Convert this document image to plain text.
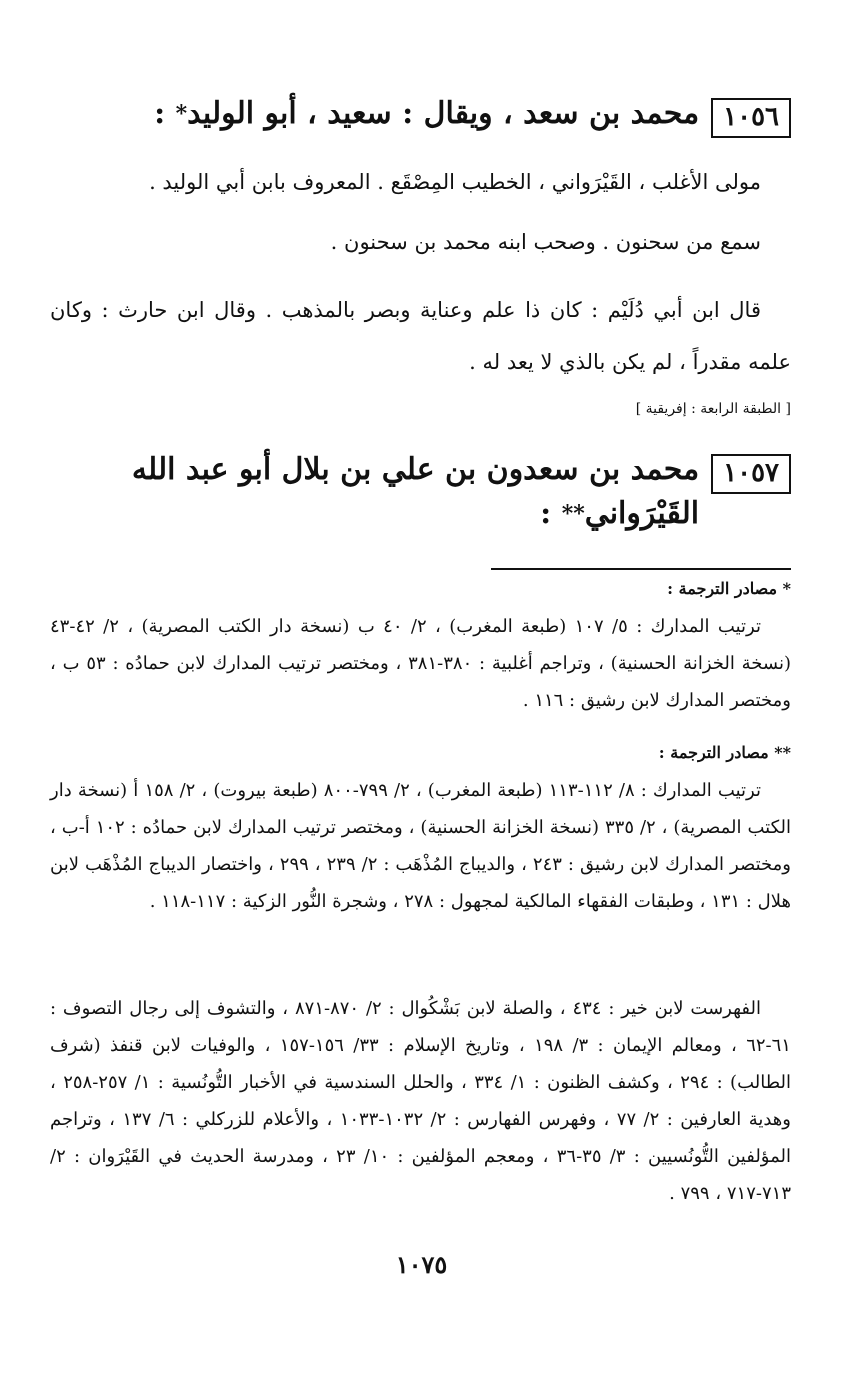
١٠٥٦
محمد بن سعد ، ويقال : سعيد ، أبو الوليد* :
مولى الأغلب ، القَيْرَواني ، الخطيب المِصْقَع . المعروف بابن أبي الوليد .
سمع من سحنون . وصحب ابنه محمد بن سحنون .
قال ابن أبي دُلَيْم : كان ذا علم وعناية وبصر بالمذهب . وقال ابن حارث : وكان علمه مقدراً ، لم يكن بالذي لا يعد له .
[ الطبقة الرابعة : إفريقية ]
١٠٥٧
محمد بن سعدون بن علي بن بلال أبو عبد الله القَيْرَواني** :
* مصادر الترجمة :
ترتيب المدارك : ٥/ ١٠٧ (طبعة المغرب) ، ٢/ ٤٠ ب (نسخة دار الكتب المصرية) ، ٢/ ٤٢-٤٣ (نسخة الخزانة الحسنية) ، وتراجم أغلبية : ٣٨٠-٣٨١ ، ومختصر ترتيب المدارك لابن حمادُه : ٥٣ ب ، ومختصر المدارك لابن رشيق : ١١٦ .
** مصادر الترجمة :
ترتيب المدارك : ٨/ ١١٢-١١٣ (طبعة المغرب) ، ٢/ ٧٩٩-٨٠٠ (طبعة بيروت) ، ٢/ ١٥٨ أ (نسخة دار الكتب المصرية) ، ٢/ ٣٣٥ (نسخة الخزانة الحسنية) ، ومختصر ترتيب المدارك لابن حمادُه : ١٠٢ أ-ب ، ومختصر المدارك لابن رشيق : ٢٤٣ ، والديباج المُذْهَب : ٢/ ٢٣٩ ، ٢٩٩ ، واختصار الديباج المُذْهَب لابن هلال : ١٣١ ، وطبقات الفقهاء المالكية لمجهول : ٢٧٨ ، وشجرة النُّور الزكية : ١١٧-١١٨ .
الفهرست لابن خير : ٤٣٤ ، والصلة لابن بَشْكُوال : ٢/ ٨٧٠-٨٧١ ، والتشوف إلى رجال التصوف : ٦١-٦٢ ، ومعالم الإيمان : ٣/ ١٩٨ ، وتاريخ الإسلام : ٣٣/ ١٥٦-١٥٧ ، والوفيات لابن قنفذ (شرف الطالب) : ٢٩٤ ، وكشف الظنون : ١/ ٣٣٤ ، والحلل السندسية في الأخبار التُّونُسية : ١/ ٢٥٧-٢٥٨ ، وهدية العارفين : ٢/ ٧٧ ، وفهرس الفهارس : ٢/ ١٠٣٢-١٠٣٣ ، والأعلام للزركلي : ٦/ ١٣٧ ، وتراجم المؤلفين التُّونُسيين : ٣/ ٣٥-٣٦ ، ومعجم المؤلفين : ١٠/ ٢٣ ، ومدرسة الحديث في القَيْرَوان : ٢/ ٧١٣-٧١٧ ، ٧٩٩ .
١٠٧٥
